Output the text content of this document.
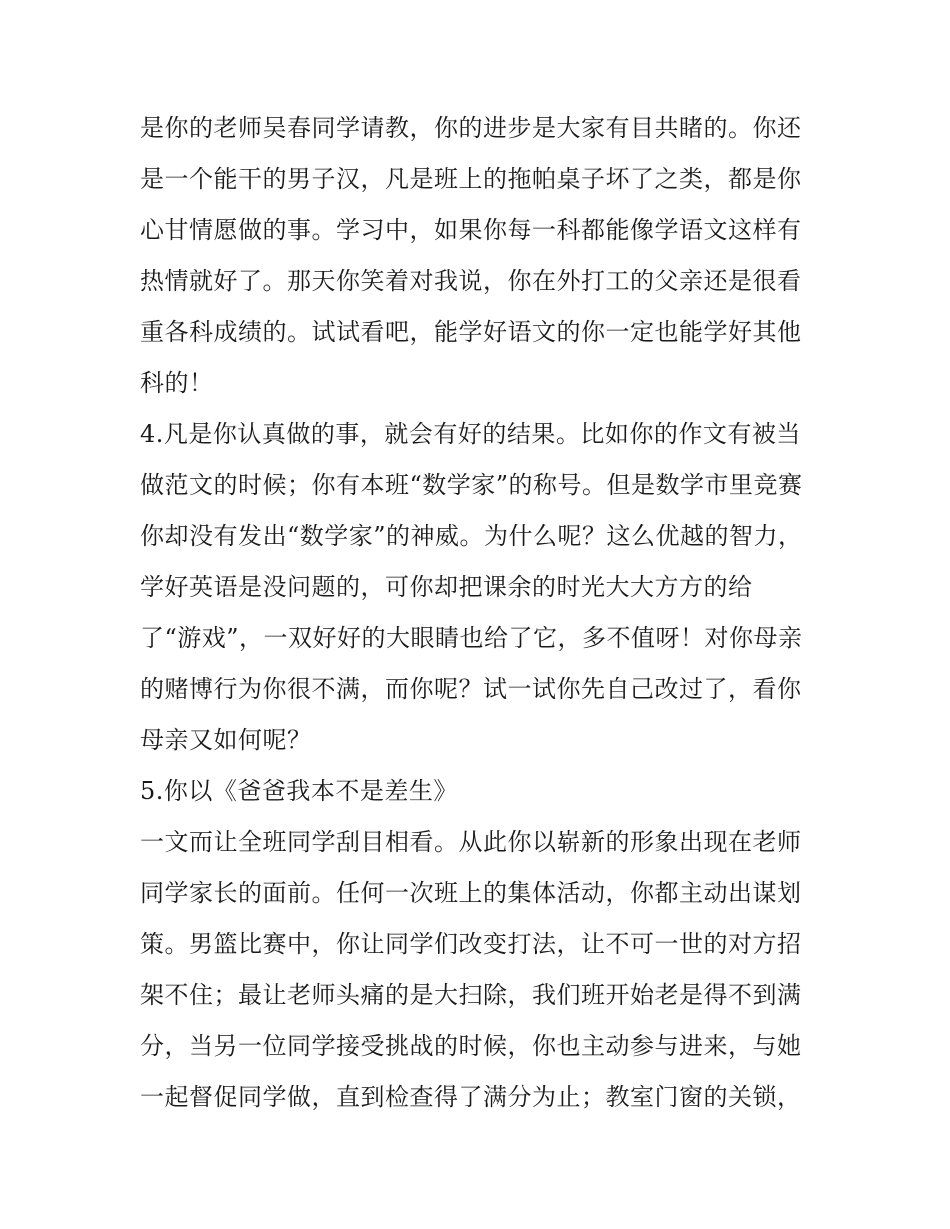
是你的老师吴春同学请教，你的进步是大家有目共睹的。你还
是一个能干的男子汉，凡是班上的拖帕桌子坏了之类，都是你
心甘情愿做的事。学习中，如果你每一科都能像学语文这样有
热情就好了。那天你笑着对我说，你在外打工的父亲还是很看
重各科成绩的。试试看吧，能学好语文的你一定也能学好其他
科的！
4.凡是你认真做的事，就会有好的结果。比如你的作文有被当
做范文的时候；你有本班“数学家”的称号。但是数学市里竞赛
你却没有发出“数学家”的神威。为什么呢？这么优越的智力，
学好英语是没问题的，可你却把课余的时光大大方方的给
了“游戏”，一双好好的大眼睛也给了它，多不值呀！对你母亲
的赌博行为你很不满，而你呢？试一试你先自己改过了，看你
母亲又如何呢？
5.你以《爸爸我本不是差生》
一文而让全班同学刮目相看。从此你以崭新的形象出现在老师
同学家长的面前。任何一次班上的集体活动，你都主动出谋划
策。男篮比赛中，你让同学们改变打法，让不可一世的对方招
架不住；最让老师头痛的是大扫除，我们班开始老是得不到满
分，当另一位同学接受挑战的时候，你也主动参与进来，与她
一起督促同学做，直到检查得了满分为止；教室门窗的关锁，
